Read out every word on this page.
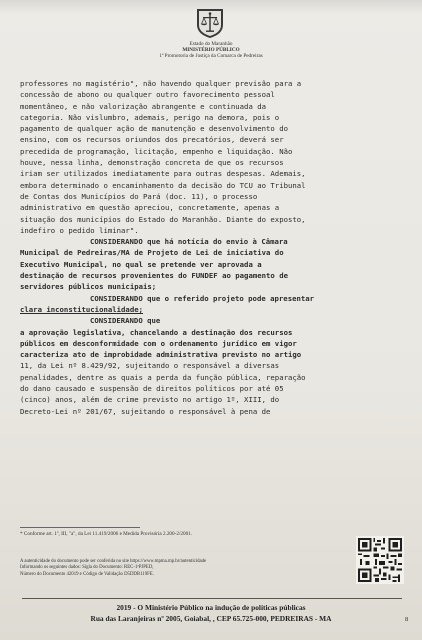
Estado do Maranhão
MINISTÉRIO PÚBLICO
1ª Promotoria de Justiça da Comarca de Pedreiras
professores no magistério", não havendo qualquer previsão para a
concessão de abono ou qualquer outro favorecimento pessoal
momentâneo, e não valorização abrangente e continuada da
categoria. Não vislumbro, ademais, perigo na demora, pois o
pagamento de qualquer ação de manutenção e desenvolvimento do
ensino, com os recursos oriundos dos precatórios, deverá ser
precedida de programação, licitação, empenho e liquidação. Não
houve, nessa linha, demonstração concreta de que os recursos
iriam ser utilizados imediatamente para outras despesas. Ademais,
embora determinado o encaminhamento da decisão do TCU ao Tribunal
de Contas dos Municípios do Pará (doc. 11), o processo
administrativo em questão apreciou, concretamente, apenas a
situação dos municípios do Estado do Maranhão. Diante do exposto,
indefiro o pedido liminar".
CONSIDERANDO que há notícia do envio à Câmara
Municipal de Pedreiras/MA de Projeto de Lei de iniciativa do
Executivo Municipal, no qual se pretende ver aprovada a
destinação de recursos provenientes do FUNDEF ao pagamento de
servidores públicos municipais;
CONSIDERANDO que o referido projeto pode apresentar
clara inconstitucionalidade;
CONSIDERANDO que
a aprovação legislativa, chancelando a destinação dos recursos
públicos em desconformidade com o ordenamento jurídico em vigor
caracteriza ato de improbidade administrativa previsto no artigo
11, da Lei nº 8.429/92, sujeitando o responsável a diversas
penalidades, dentre as quais a perda da função pública, reparação
do dano causado e suspensão de direitos políticos por até 05
(cinco) anos, além de crime previsto no artigo 1º, XIII, do
Decreto-Lei nº 201/67, sujeitando o responsável à pena de
* Conforme art. 1º, III, "a", da Lei 11.419/2006 e Medida Provisória 2.200-2/2001.
A autenticidade do documento pode ser conferida no site https://www.mpma.mp.br/autenticidade
Informando os seguintes dados: Sigla do Documento: REC-1ªPJPED,
Número do Documento 42019 e Código de Validação D5DDB119FE.
2019 - O Ministério Público na indução de políticas públicas
Rua das Laranjeiras nº 2005, Goiabal, , CEP 65.725-000, PEDREIRAS - MA	8
